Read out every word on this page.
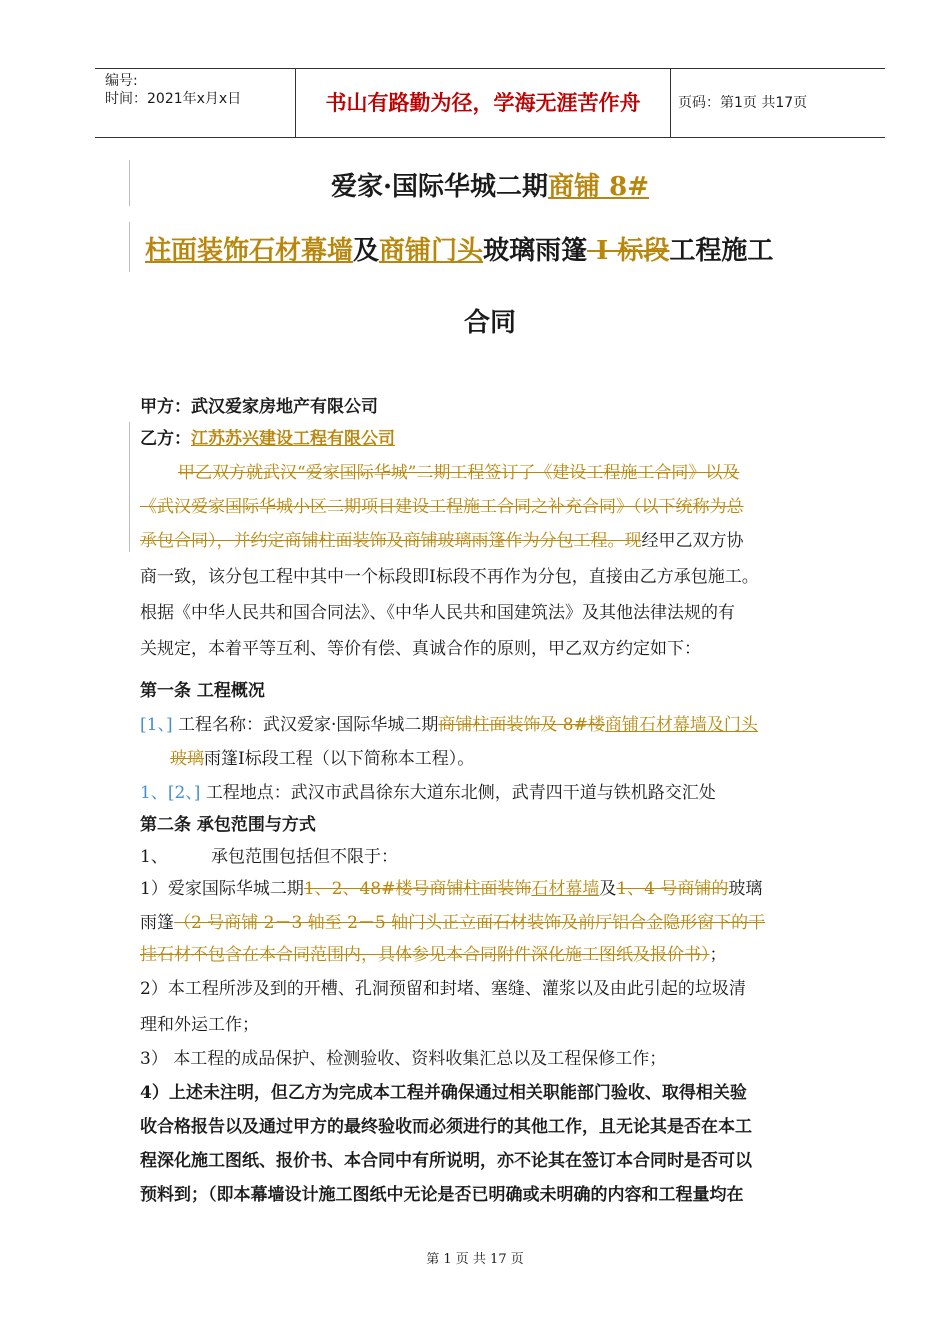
编号:
时间：2021年x月x日	书山有路勤为径，学海无涯苦作舟	页码：第1页 共17页
爱家·国际华城二期商铺 8#
柱面装饰石材幕墙及商铺门头玻璃雨篷 I 标段工程施工
合同
甲方：武汉爱家房地产有限公司
乙方：江苏苏兴建设工程有限公司
甲乙双方就武汉“爱家国际华城”二期工程签订了《建设工程施工合同》以及
《武汉爱家国际华城小区二期项目建设工程施工合同之补充合同》（以下统称为总
承包合同），并约定商铺柱面装饰及商铺玻璃雨篷作为分包工程。现经甲乙双方协
商一致，该分包工程中其中一个标段即Ⅰ标段不再作为分包，直接由乙方承包施工。
根据《中华人民共和国合同法》、《中华人民共和国建筑法》及其他法律法规的有
关规定，本着平等互利、等价有偿、真诚合作的原则，甲乙双方约定如下：
第一条 工程概况
[1、] 工程名称：武汉爱家·国际华城二期商铺柱面装饰及 8#楼商铺石材幕墙及门头
玻璃雨篷Ⅰ标段工程（以下简称本工程）。
1、[2、] 工程地点：武汉市武昌徐东大道东北侧，武青四干道与铁机路交汇处
第二条 承包范围与方式
1、        承包范围包括但不限于：
1）爱家国际华城二期1、2、48#楼号商铺柱面装饰石材幕墙及1、4 号商铺的玻璃
雨篷（2 号商铺 2－3 轴至 2－5 轴门头正立面石材装饰及前厅铝合金隐形窗下的干
挂石材不包含在本合同范围内，具体参见本合同附件深化施工图纸及报价书）；
2）本工程所涉及到的开槽、孔洞预留和封堵、塞缝、灌浆以及由此引起的垃圾清
理和外运工作；
3） 本工程的成品保护、检测验收、资料收集汇总以及工程保修工作；
4）上述未注明，但乙方为完成本工程并确保通过相关职能部门验收、取得相关验
收合格报告以及通过甲方的最终验收而必须进行的其他工作，且无论其是否在本工
程深化施工图纸、报价书、本合同中有所说明，亦不论其在签订本合同时是否可以
预料到；（即本幕墙设计施工图纸中无论是否已明确或未明确的内容和工程量均在
第 1 页 共 17 页
